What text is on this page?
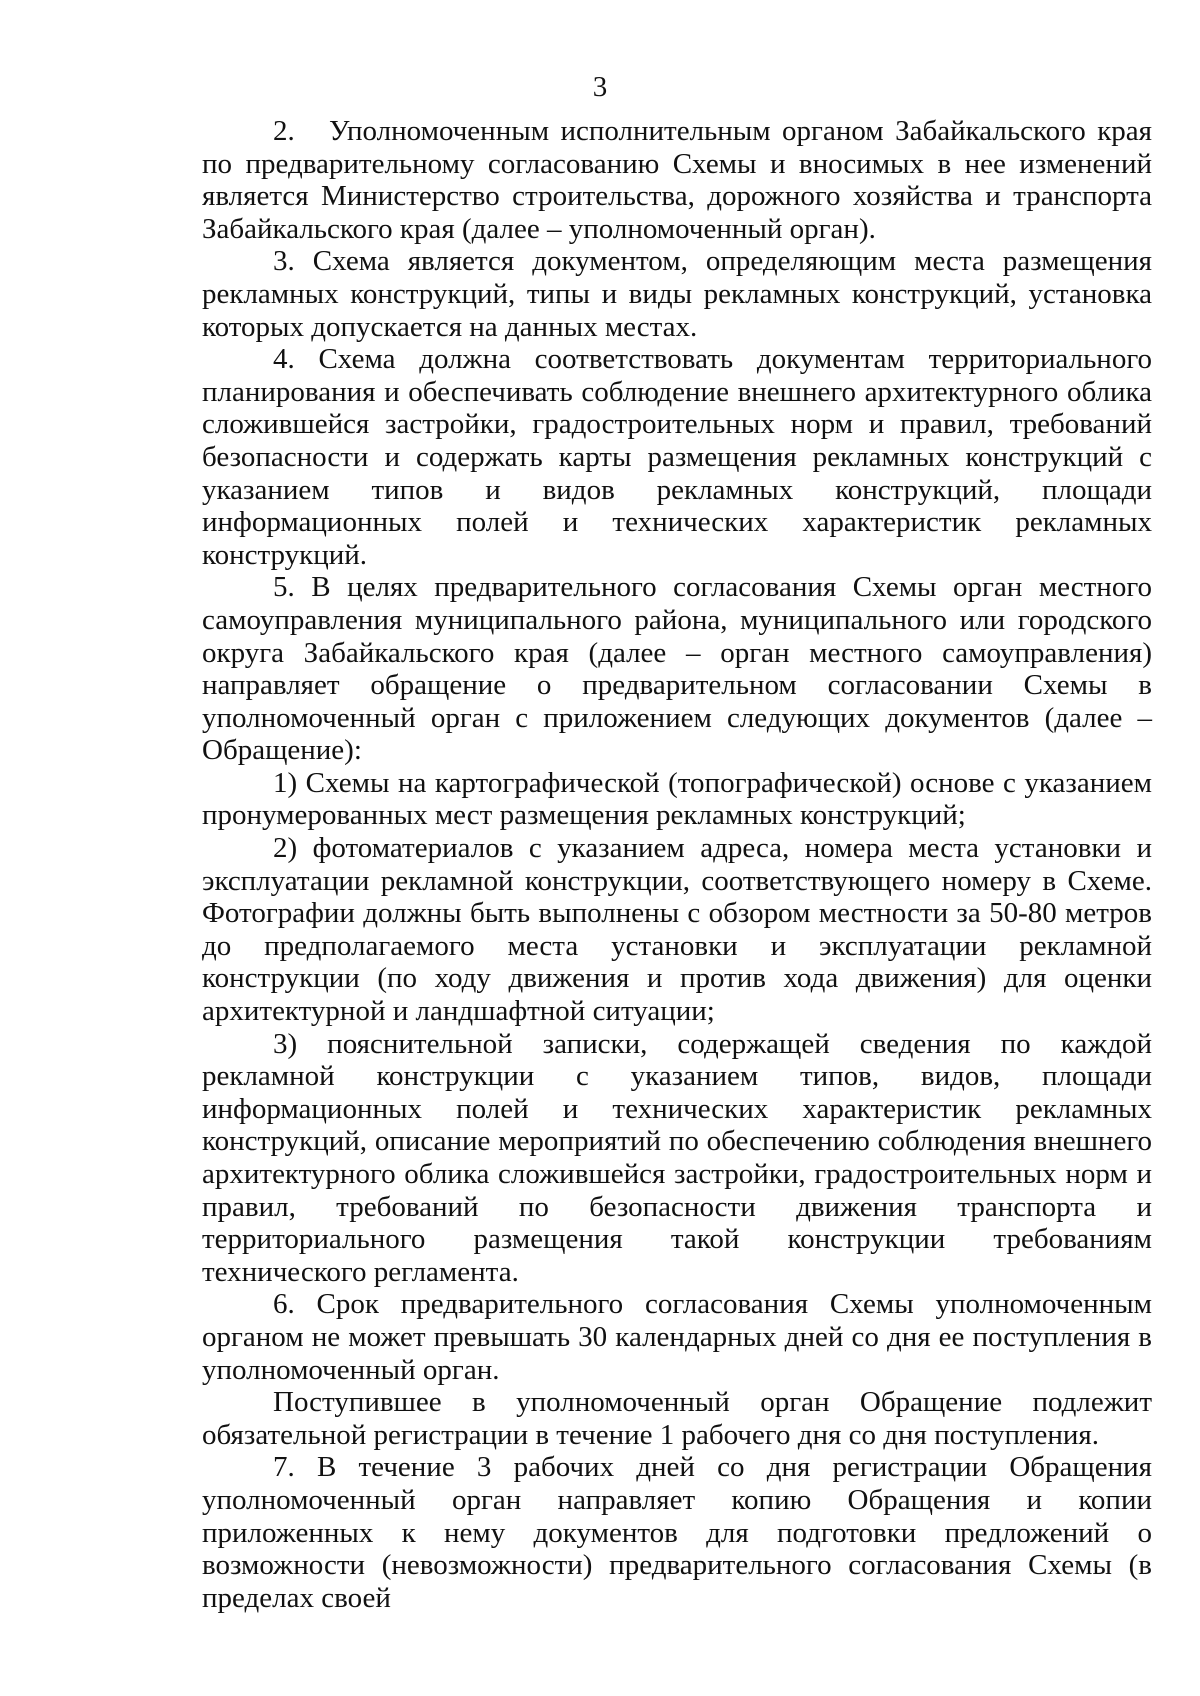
3

2.   Уполномоченным исполнительным органом Забайкальского края по предварительному согласованию Схемы и вносимых в нее изменений является Министерство строительства, дорожного хозяйства и транспорта Забайкальского края (далее – уполномоченный орган).

3. Схема является документом, определяющим места размещения рекламных конструкций, типы и виды рекламных конструкций, установка которых допускается на данных местах.

4. Схема должна соответствовать документам территориального планирования и обеспечивать соблюдение внешнего архитектурного облика сложившейся застройки, градостроительных норм и правил, требований безопасности и содержать карты размещения рекламных конструкций с указанием типов и видов рекламных конструкций, площади информационных полей и технических характеристик рекламных конструкций.

5. В целях предварительного согласования Схемы орган местного самоуправления муниципального района, муниципального или городского округа Забайкальского края (далее – орган местного самоуправления) направляет обращение о предварительном согласовании Схемы в уполномоченный орган с приложением следующих документов (далее – Обращение):

1) Схемы на картографической (топографической) основе с указанием пронумерованных мест размещения рекламных конструкций;

2) фотоматериалов с указанием адреса, номера места установки и эксплуатации рекламной конструкции, соответствующего номеру в Схеме. Фотографии должны быть выполнены с обзором местности за 50-80 метров до предполагаемого места установки и эксплуатации рекламной конструкции (по ходу движения и против хода движения) для оценки архитектурной и ландшафтной ситуации;

3) пояснительной записки, содержащей сведения по каждой рекламной конструкции с указанием типов, видов, площади информационных полей и технических характеристик рекламных конструкций, описание мероприятий по обеспечению соблюдения внешнего архитектурного облика сложившейся застройки, градостроительных норм и правил, требований по безопасности движения транспорта и территориального размещения такой конструкции требованиям технического регламента.

6. Срок предварительного согласования Схемы уполномоченным органом не может превышать 30 календарных дней со дня ее поступления в уполномоченный орган.

Поступившее в уполномоченный орган Обращение подлежит обязательной регистрации в течение 1 рабочего дня со дня поступления.

7. В течение 3 рабочих дней со дня регистрации Обращения уполномоченный орган направляет копию Обращения и копии приложенных к нему документов для подготовки предложений о возможности (невозможности) предварительного согласования Схемы (в пределах своей
